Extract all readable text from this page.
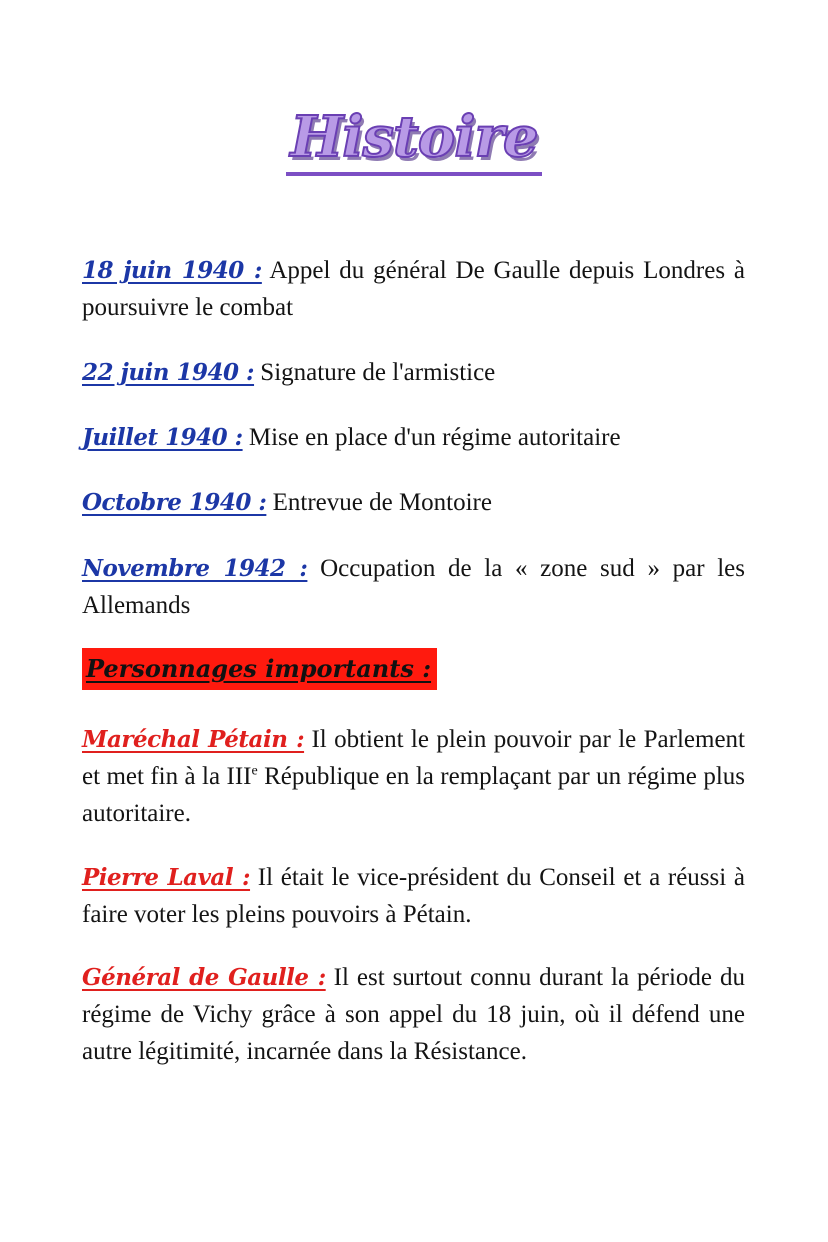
Histoire

18 juin 1940 : Appel du général De Gaulle depuis Londres à poursuivre le combat

22 juin 1940 : Signature de l'armistice

Juillet 1940 : Mise en place d'un régime autoritaire

Octobre 1940 : Entrevue de Montoire

Novembre 1942 : Occupation de la « zone sud » par les Allemands

Personnages importants :

Maréchal Pétain : Il obtient le plein pouvoir par le Parlement et met fin à la IIIe République en la remplaçant par un régime plus autoritaire.

Pierre Laval : Il était le vice-président du Conseil et a réussi à faire voter les pleins pouvoirs à Pétain.

Général de Gaulle : Il est surtout connu durant la période du régime de Vichy grâce à son appel du 18 juin, où il défend une autre légitimité, incarnée dans la Résistance.
